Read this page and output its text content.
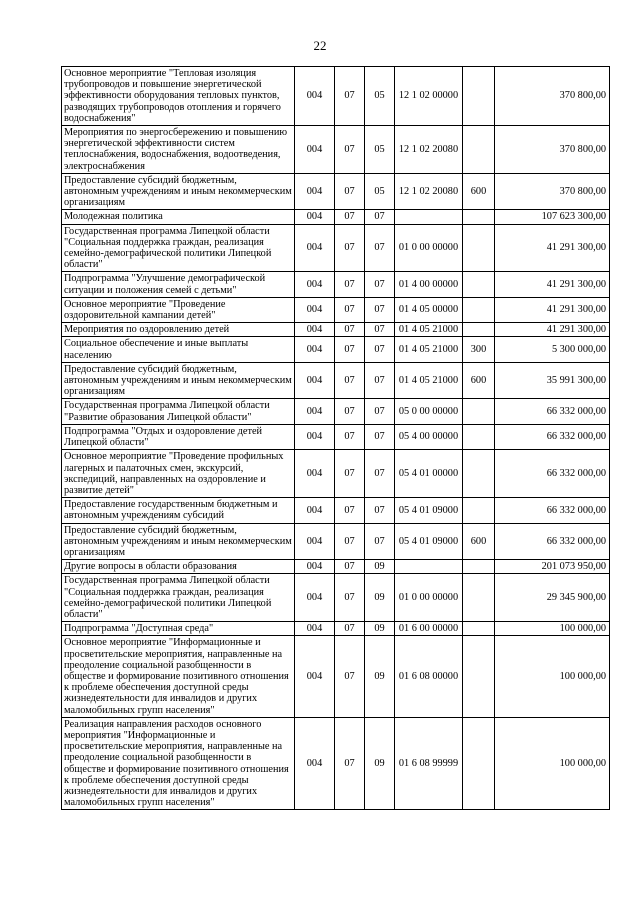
22
Основное мероприятие "Тепловая изоляция трубопроводов и повышение энергетической эффективности оборудования тепловых пунктов, разводящих трубопроводов отопления и горячего водоснабжения"	004	07	05	12 1 02 00000		370 800,00
Мероприятия по энергосбережению и повышению энергетической эффективности систем теплоснабжения, водоснабжения, водоотведения, электроснабжения	004	07	05	12 1 02 20080		370 800,00
Предоставление субсидий бюджетным, автономным учреждениям и иным некоммерческим организациям	004	07	05	12 1 02 20080	600	370 800,00
Молодежная политика	004	07	07			107 623 300,00
Государственная программа Липецкой области "Социальная поддержка граждан, реализация семейно-демографической политики Липецкой области"	004	07	07	01 0 00 00000		41 291 300,00
Подпрограмма "Улучшение демографической ситуации и положения семей с детьми"	004	07	07	01 4 00 00000		41 291 300,00
Основное мероприятие "Проведение оздоровительной кампании детей"	004	07	07	01 4 05 00000		41 291 300,00
Мероприятия по оздоровлению детей	004	07	07	01 4 05 21000		41 291 300,00
Социальное обеспечение и иные выплаты населению	004	07	07	01 4 05 21000	300	5 300 000,00
Предоставление субсидий бюджетным, автономным учреждениям и иным некоммерческим организациям	004	07	07	01 4 05 21000	600	35 991 300,00
Государственная программа Липецкой области "Развитие образования Липецкой области"	004	07	07	05 0 00 00000		66 332 000,00
Подпрограмма "Отдых и оздоровление детей Липецкой области"	004	07	07	05 4 00 00000		66 332 000,00
Основное мероприятие "Проведение профильных лагерных и палаточных смен, экскурсий, экспедиций, направленных на оздоровление и развитие детей"	004	07	07	05 4 01 00000		66 332 000,00
Предоставление государственным бюджетным и автономным учреждениям субсидий	004	07	07	05 4 01 09000		66 332 000,00
Предоставление субсидий бюджетным, автономным учреждениям и иным некоммерческим организациям	004	07	07	05 4 01 09000	600	66 332 000,00
Другие вопросы в области образования	004	07	09			201 073 950,00
Государственная программа Липецкой области "Социальная поддержка граждан, реализация семейно-демографической политики Липецкой области"	004	07	09	01 0 00 00000		29 345 900,00
Подпрограмма "Доступная среда"	004	07	09	01 6 00 00000		100 000,00
Основное мероприятие "Информационные и просветительские мероприятия, направленные на преодоление социальной разобщенности в обществе и формирование позитивного отношения к проблеме обеспечения доступной среды жизнедеятельности для инвалидов и других маломобильных групп населения"	004	07	09	01 6 08 00000		100 000,00
Реализация направления расходов основного мероприятия "Информационные и просветительские мероприятия, направленные на преодоление социальной разобщенности в обществе и формирование позитивного отношения к проблеме обеспечения доступной среды жизнедеятельности для инвалидов и других маломобильных групп населения"	004	07	09	01 6 08 99999		100 000,00
